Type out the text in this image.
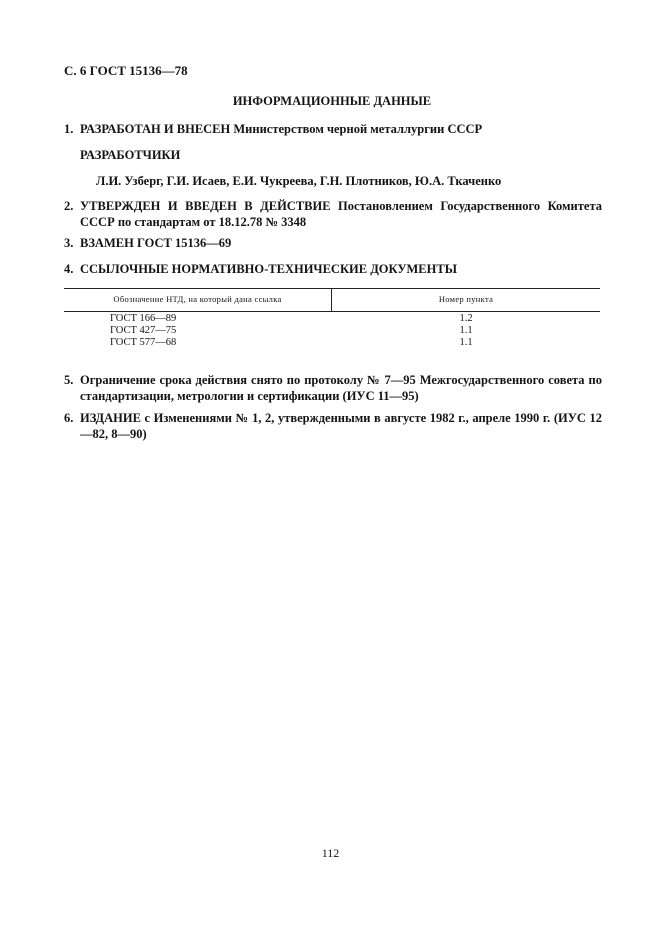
С. 6 ГОСТ 15136—78
ИНФОРМАЦИОННЫЕ ДАННЫЕ
1. РАЗРАБОТАН И ВНЕСЕН Министерством черной металлургии СССР
РАЗРАБОТЧИКИ
Л.И. Узберг, Г.И. Исаев, Е.И. Чукреева, Г.Н. Плотников, Ю.А. Ткаченко
2. УТВЕРЖДЕН И ВВЕДЕН В ДЕЙСТВИЕ Постановлением Государственного Комитета СССР по стандартам от 18.12.78 № 3348
3. ВЗАМЕН ГОСТ 15136—69
4. ССЫЛОЧНЫЕ НОРМАТИВНО-ТЕХНИЧЕСКИЕ ДОКУМЕНТЫ
Обозначение НТД, на который дана ссылка	Номер пункта
ГОСТ 166—89	1.2
ГОСТ 427—75	1.1
ГОСТ 577—68	1.1
5. Ограничение срока действия снято по протоколу № 7—95 Межгосударственного совета по стандартизации, метрологии и сертификации (ИУС 11—95)
6. ИЗДАНИЕ с Изменениями № 1, 2, утвержденными в августе 1982 г., апреле 1990 г. (ИУС 12—82, 8—90)
112
